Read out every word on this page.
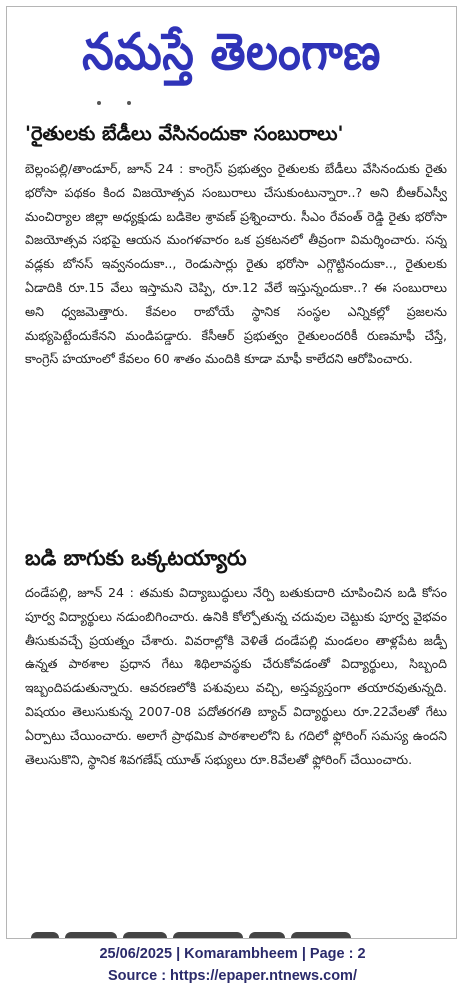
నమస్తే తెలంగాణ
'రైతులకు బేడీలు వేసినందుకా సంబురాలు'

బెల్లంపల్లి/తాండూర్, జూన్ 24 : కాంగ్రెస్ ప్రభుత్వం రైతులకు బేడీలు వేసినందుకు రైతు భరోసా పథకం కింద విజయోత్సవ సంబురాలు చేసుకుంటున్నారా..? అని బీఆర్ఎస్వీ మంచిర్యాల జిల్లా అధ్యక్షుడు బడికెల శ్రావణ్ ప్రశ్నించారు. సీఎం రేవంత్ రెడ్డి రైతు భరోసా విజయోత్సవ సభపై ఆయన మంగళవారం ఒక ప్రకటనలో తీవ్రంగా విమర్శించారు. సన్న వడ్లకు బోనస్ ఇవ్వనందుకా.., రెండుసార్లు రైతు భరోసా ఎగ్గొట్టినందుకా.., రైతులకు ఏడాదికి రూ.15 వేలు ఇస్తామని చెప్పి, రూ.12 వేలే ఇస్తున్నందుకా..? ఈ సంబురాలు అని ధ్వజమెత్తారు. కేవలం రాబోయే స్థానిక సంస్థల ఎన్నికల్లో ప్రజలను మభ్యపెట్టేందుకేనని మండిపడ్డారు. కేసీఆర్ ప్రభుత్వం రైతులందరికీ రుణమాఫీ చేస్తే, కాంగ్రెస్ హయాంలో కేవలం 60 శాతం మందికి కూడా మాఫీ కాలేదని ఆరోపించారు.

బడి బాగుకు ఒక్కటయ్యారు

దండేపల్లి, జూన్ 24 : తమకు విద్యాబుద్ధులు నేర్పి బతుకుదారి చూపించిన బడి కోసం పూర్వ విద్యార్థులు నడుంబిగించారు. ఉనికి కోల్పోతున్న చదువుల చెట్టుకు పూర్వ వైభవం తీసుకువచ్చే ప్రయత్నం చేశారు. వివరాల్లోకి వెళితే దండేపల్లి మండలం తాళ్లపేట జడ్పీ ఉన్నత పాఠశాల ప్రధాన గేటు శిథిలావస్థకు చేరుకోవడంతో విద్యార్థులు, సిబ్బంది ఇబ్బందిపడుతున్నారు. ఆవరణలోకి పశువులు వచ్చి, అస్తవ్యస్తంగా తయారవుతున్నది. విషయం తెలుసుకున్న 2007-08 పదోతరగతి బ్యాచ్ విద్యార్థులు రూ.22వేలతో గేటు ఏర్పాటు చేయించారు. అలాగే ప్రాథమిక పాఠశాలలోని ఓ గదిలో ఫ్లోరింగ్ సమస్య ఉందని తెలుసుకొని, స్థానిక శివగణేష్ యూత్ సభ్యులు రూ.8వేలతో ఫ్లోరింగ్ చేయించారు.

25/06/2025 | Komarambheem | Page : 2
Source : https://epaper.ntnews.com/
